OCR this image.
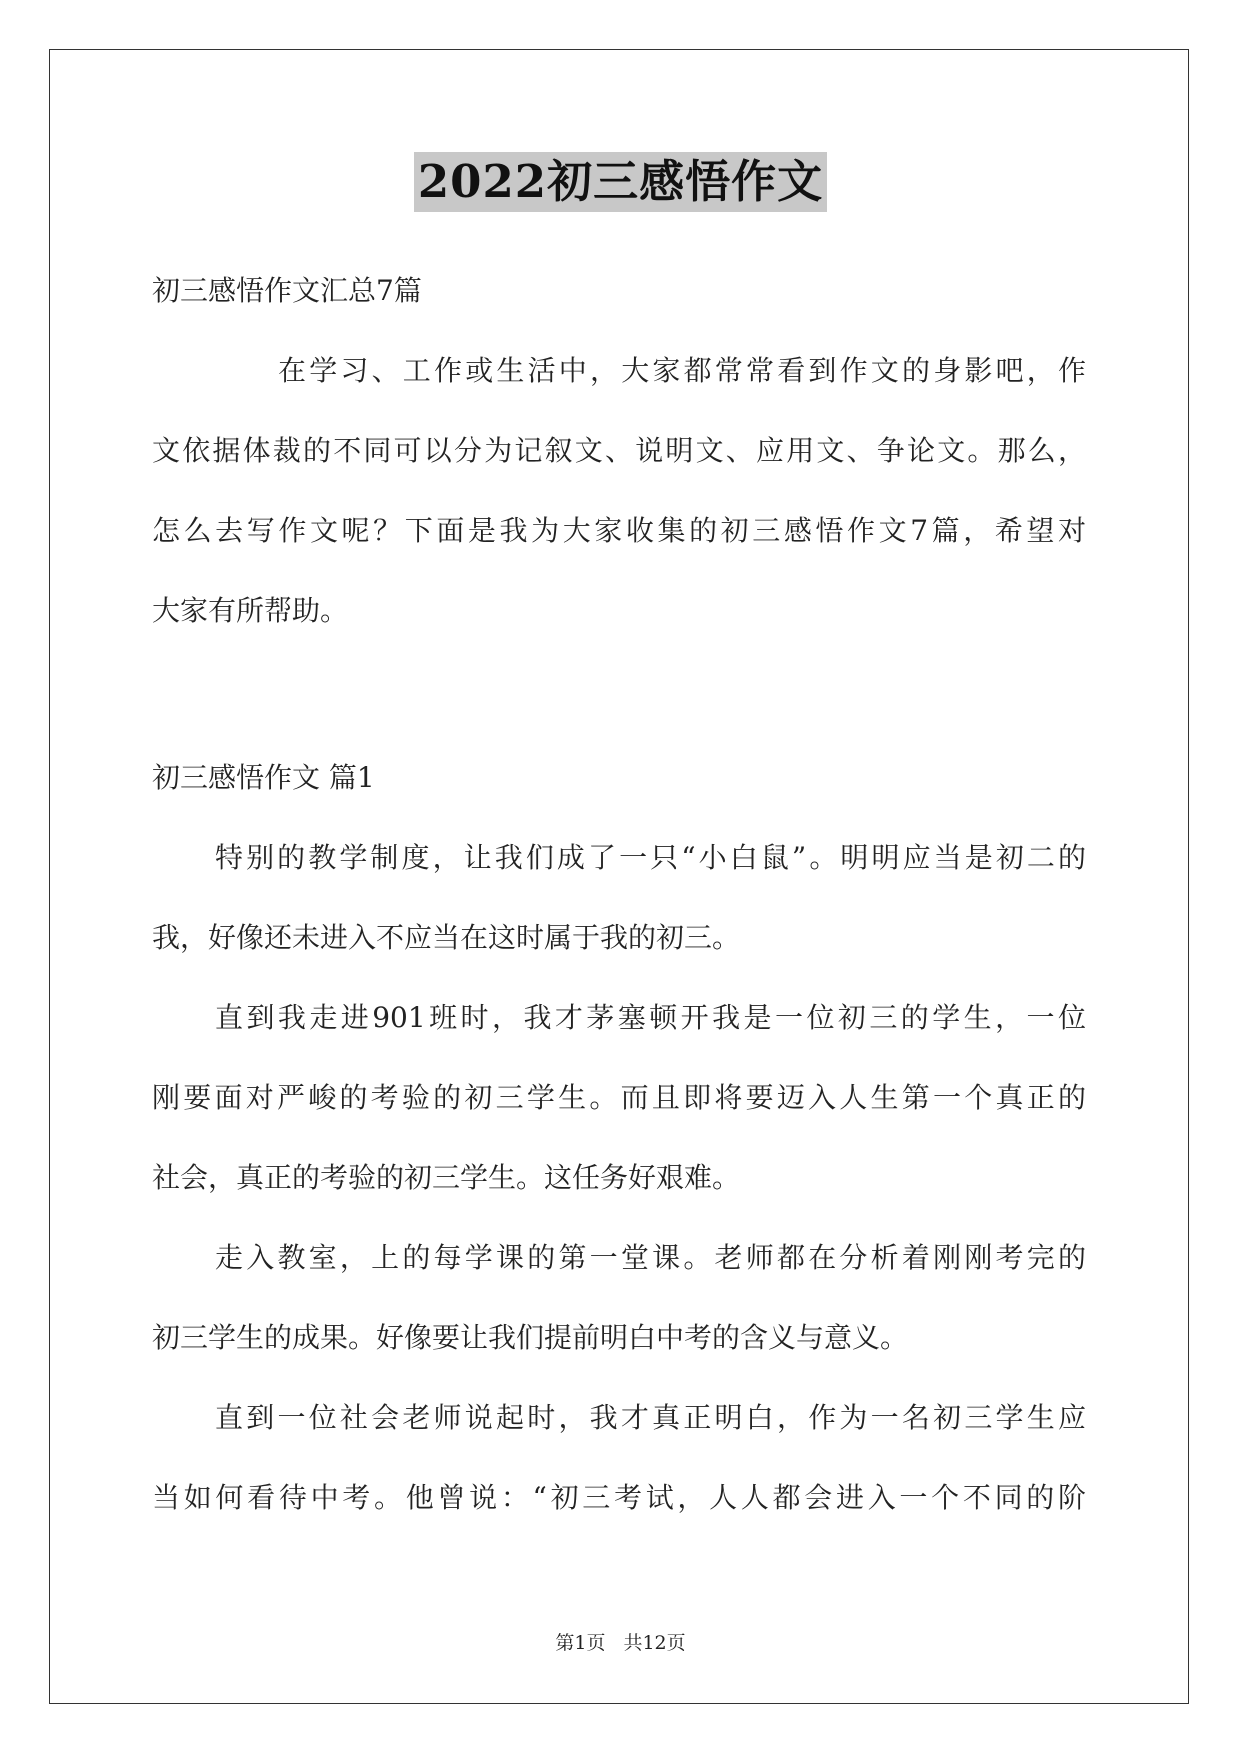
2022初三感悟作文
初三感悟作文汇总7篇
在学习、工作或生活中，大家都常常看到作文的身影吧，作
文依据体裁的不同可以分为记叙文、说明文、应用文、争论文。那么，
怎么去写作文呢？下面是我为大家收集的初三感悟作文7篇，希望对
大家有所帮助。
初三感悟作文 篇1
特别的教学制度，让我们成了一只“小白鼠”。明明应当是初二的
我，好像还未进入不应当在这时属于我的初三。
直到我走进901班时，我才茅塞顿开我是一位初三的学生，一位
刚要面对严峻的考验的初三学生。而且即将要迈入人生第一个真正的
社会，真正的考验的初三学生。这任务好艰难。
走入教室，上的每学课的第一堂课。老师都在分析着刚刚考完的
初三学生的成果。好像要让我们提前明白中考的含义与意义。
直到一位社会老师说起时，我才真正明白，作为一名初三学生应
当如何看待中考。他曾说：“初三考试，人人都会进入一个不同的阶
第1页 共12页
